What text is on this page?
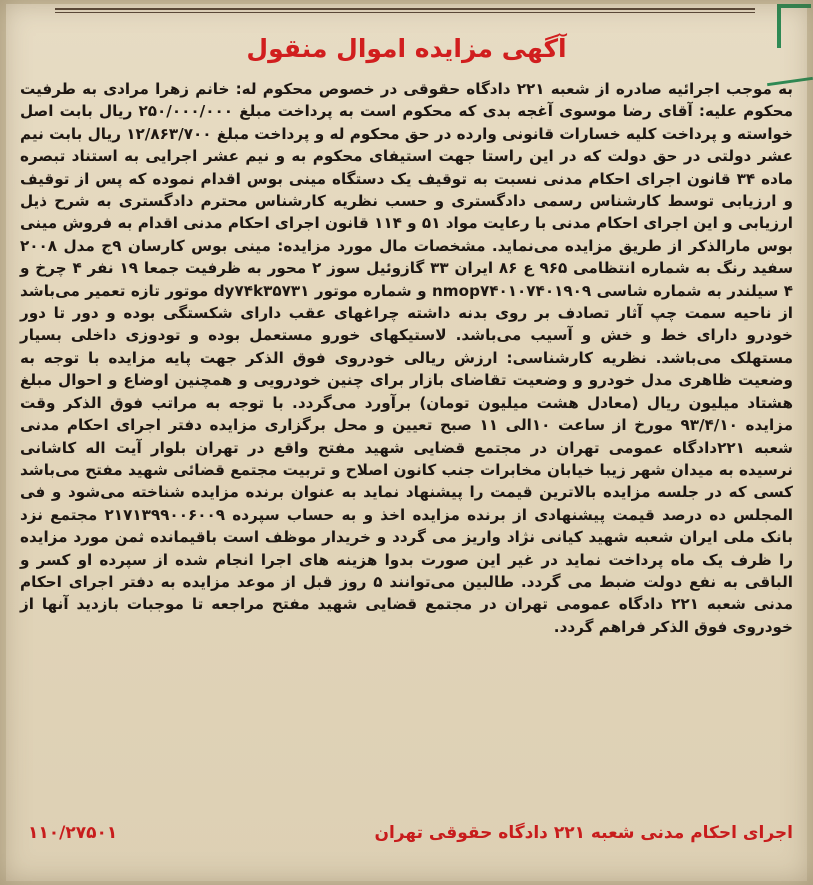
آگهی مزایده اموال منقول
به موجب اجرائیه صادره از شعبه ۲۲۱ دادگاه حقوقی در خصوص محکوم له: خانم زهرا مرادی به طرفیت محکوم علیه: آقای رضا موسوی آغجه بدی که محکوم است به پرداخت مبلغ ۲۵۰/۰۰۰/۰۰۰ ریال بابت اصل خواسته و پرداخت کلیه خسارات قانونی وارده در حق محکوم له و پرداخت مبلغ ۱۲/۸۶۳/۷۰۰ ریال بابت نیم عشر دولتی در حق دولت که در این راستا جهت استیفای محکوم به و نیم عشر اجرایی به استناد تبصره ماده ۳۴ قانون اجرای احکام مدنی نسبت به توقیف یک دستگاه مینی بوس اقدام نموده که پس از توقیف و ارزیابی توسط کارشناس رسمی دادگستری و حسب نظریه کارشناس محترم دادگستری به شرح ذیل ارزیابی و این اجرای احکام مدنی با رعایت مواد ۵۱ و ۱۱۴ قانون اجرای احکام مدنی اقدام به فروش مینی بوس مارالذکر از طریق مزایده می‌نماید. مشخصات مال مورد مزایده: مینی بوس کارسان ۹ج مدل ۲۰۰۸ سفید رنگ به شماره انتظامی ۹۶۵ ع ۸۶ ایران ۳۳ گازوئیل سوز ۲ محور به ظرفیت جمعا ۱۹ نفر ۴ چرخ و ۴ سیلندر به شماره شاسی nmop۷۴۰۱۰۷۴۰۱۹۰۹ و شماره موتور dy۷۴k۳۵۷۳۱ موتور تازه تعمیر می‌باشد از ناحیه سمت چپ آثار تصادف بر روی بدنه داشته چراغهای عقب دارای شکستگی بوده و دور تا دور خودرو دارای خط و خش و آسیب می‌باشد. لاستیکهای خورو مستعمل بوده و تودوزی داخلی بسیار مستهلک می‌باشد. نظریه کارشناسی: ارزش ریالی خودروی فوق الذکر جهت پایه مزایده با توجه به وضعیت ظاهری مدل خودرو و وضعیت تقاضای بازار برای چنین خودرویی و همچنین اوضاع و احوال مبلغ هشتاد میلیون ریال (معادل هشت میلیون تومان) برآورد می‌گردد. با توجه به مراتب فوق الذکر وقت مزایده ۹۳/۴/۱۰ مورخ از ساعت ۱۰الی ۱۱ صبح تعیین و محل برگزاری مزایده دفتر اجرای احکام مدنی شعبه ۲۲۱دادگاه عمومی تهران در مجتمع قضایی شهید مفتح واقع در تهران بلوار آیت اله کاشانی نرسیده به میدان شهر زیبا خیابان مخابرات جنب کانون اصلاح و تربیت مجتمع قضائی شهید مفتح می‌باشد کسی که در جلسه مزایده بالاترین قیمت را پیشنهاد نماید به عنوان برنده مزایده شناخته می‌شود و فی المجلس ده درصد قیمت پیشنهادی از برنده مزایده اخذ و به حساب سپرده ۲۱۷۱۳۹۹۰۰۶۰۰۹ مجتمع نزد بانک ملی ایران شعبه شهید کیانی نژاد واریز می گردد و خریدار موظف است باقیمانده ثمن مورد مزایده را ظرف یک ماه پرداخت نماید در غیر این صورت بدوا هزینه های اجرا انجام شده از سپرده او کسر و الباقی به نفع دولت ضبط می گردد. طالبین می‌توانند ۵ روز قبل از موعد مزایده به دفتر اجرای احکام مدنی شعبه ۲۲۱ دادگاه عمومی تهران در مجتمع قضایی شهید مفتح مراجعه تا موجبات بازدید آنها از خودروی فوق الذکر فراهم گردد.
اجرای احکام مدنی شعبه ۲۲۱ دادگاه حقوقی تهران
۱۱۰/۲۷۵۰۱
